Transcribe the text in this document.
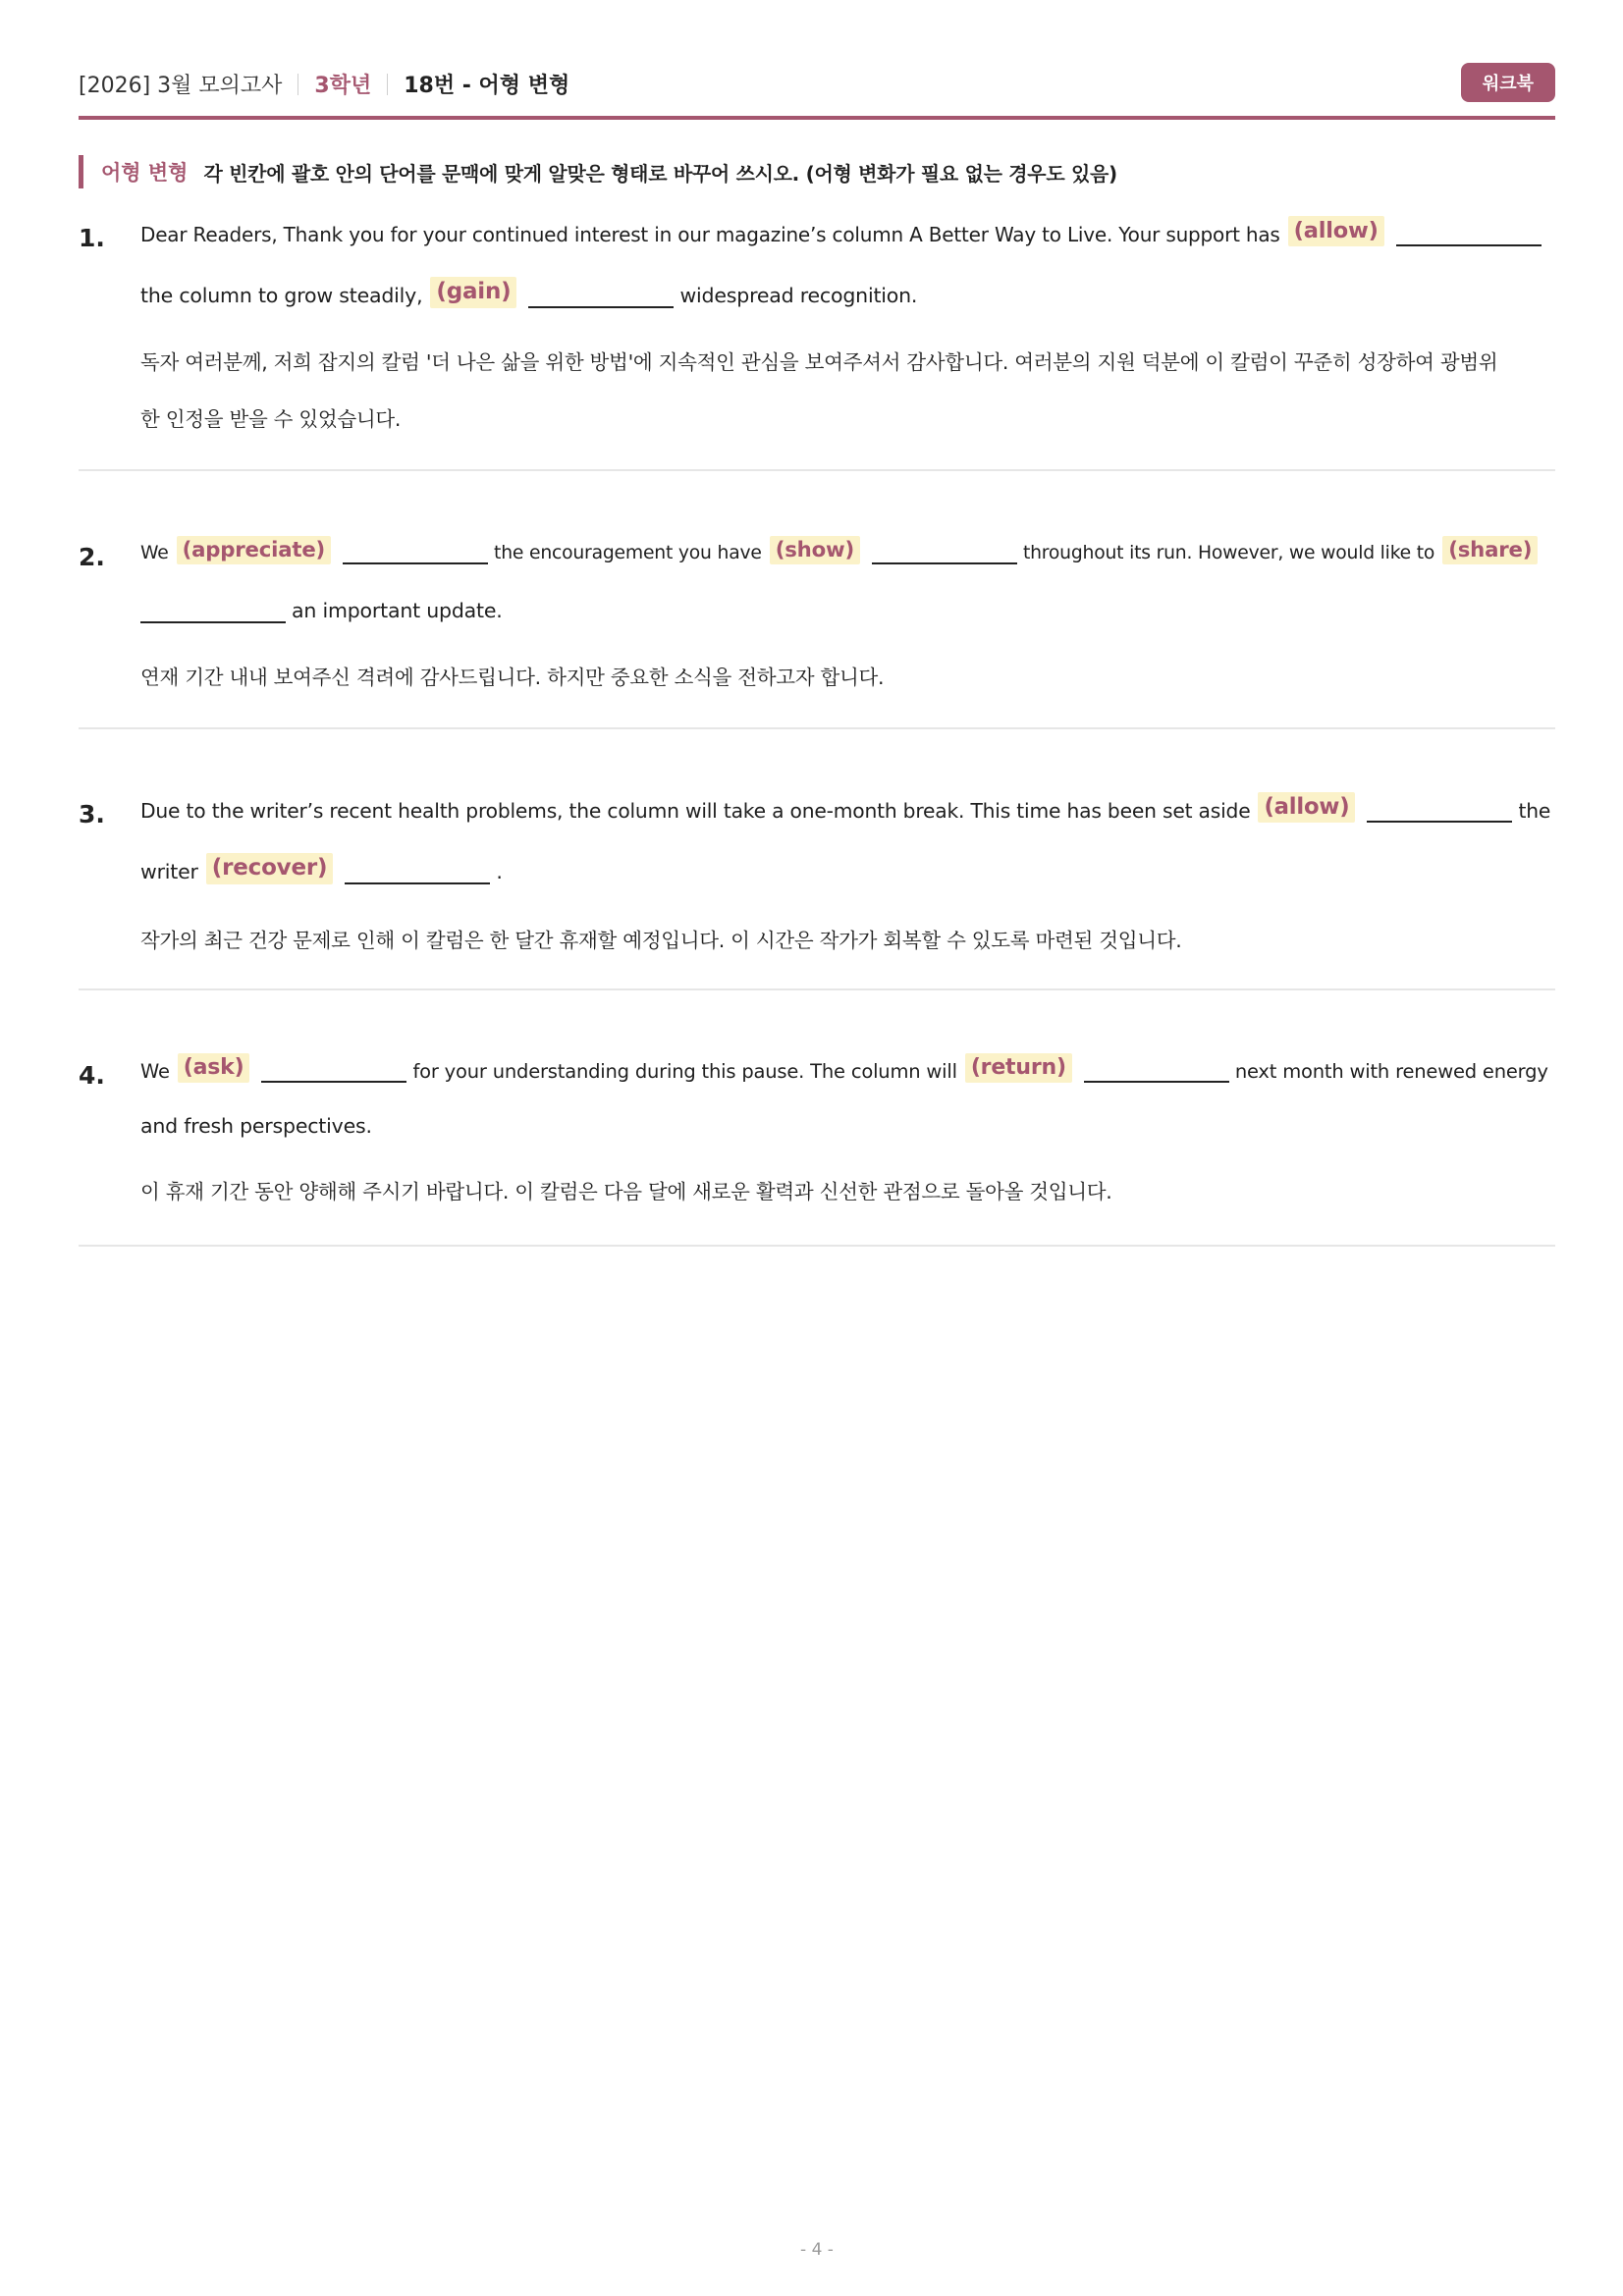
[2026] 3월 모의고사 3학년 18번 - 어형 변형	워크북
어형 변형 각 빈칸에 괄호 안의 단어를 문맥에 맞게 알맞은 형태로 바꾸어 쓰시오. (어형 변화가 필요 없는 경우도 있음)
1. Dear Readers, Thank you for your continued interest in our magazine’s column A Better Way to Live. Your support has (allow)
the column to grow steadily, (gain)	widespread recognition.
독자 여러분께, 저희 잡지의 칼럼 '더 나은 삶을 위한 방법'에 지속적인 관심을 보여주셔서 감사합니다. 여러분의 지원 덕분에 이 칼럼이 꾸준히 성장하여 광범위
한 인정을 받을 수 있었습니다.
2. We (appreciate)	the encouragement you have (show)	throughout its run. However, we would like to (share)
an important update.
연재 기간 내내 보여주신 격려에 감사드립니다. 하지만 중요한 소식을 전하고자 합니다.
3. Due to the writer’s recent health problems, the column will take a one-month break. This time has been set aside (allow)	the
writer (recover)	.
작가의 최근 건강 문제로 인해 이 칼럼은 한 달간 휴재할 예정입니다. 이 시간은 작가가 회복할 수 있도록 마련된 것입니다.
4. We (ask)	for your understanding during this pause. The column will (return)	next month with renewed energy
and fresh perspectives.
이 휴재 기간 동안 양해해 주시기 바랍니다. 이 칼럼은 다음 달에 새로운 활력과 신선한 관점으로 돌아올 것입니다.
- 4 -
